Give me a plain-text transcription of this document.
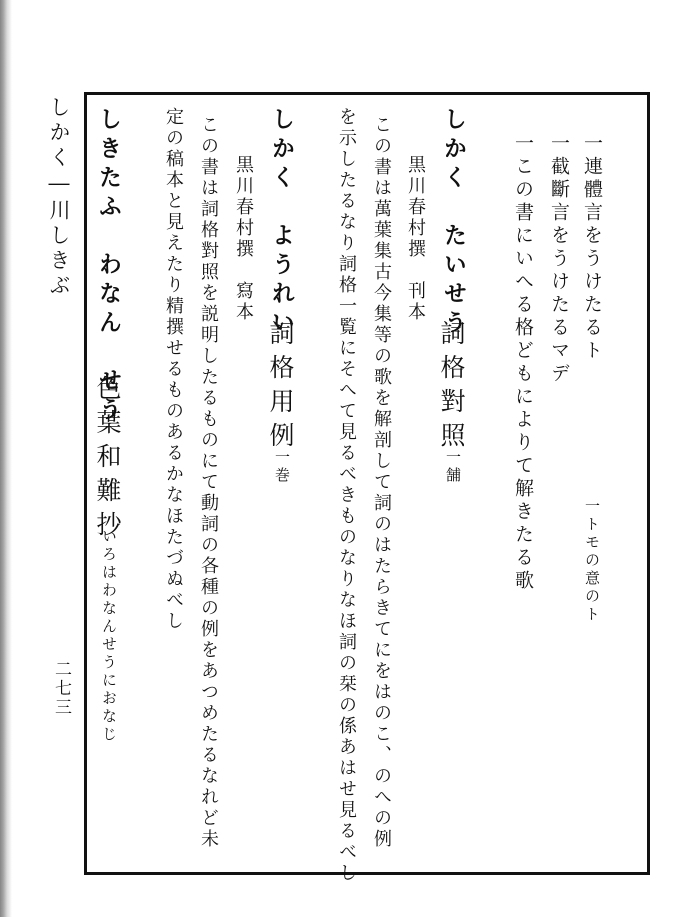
しかく―川しきぶ
二七三
一連體言をうけたるト
一トモの意のト
一截斷言をうけたるマデ
一この書にいへる格どもによりて解きたる歌
しかく　たいせう
詞格對照
一舗
黒川春村撰　刊本
この書は萬葉集古今集等の歌を解剖して詞のはたらきてにをはのこ、のへの例
を示したるなり詞格一覧にそへて見るべきものなりなほ詞の栞の係あはせ見るべし
しかく　ようれい
詞格用例
一巻
黒川春村撰　寫本
この書は詞格對照を説明したるものにて動詞の各種の例をあつめたるなれど未
定の稿本と見えたり精撰せるものあるかなほたづぬべし
しきたふ　わなん　せう
色葉和難抄
いろはわなんせうにおなじ
